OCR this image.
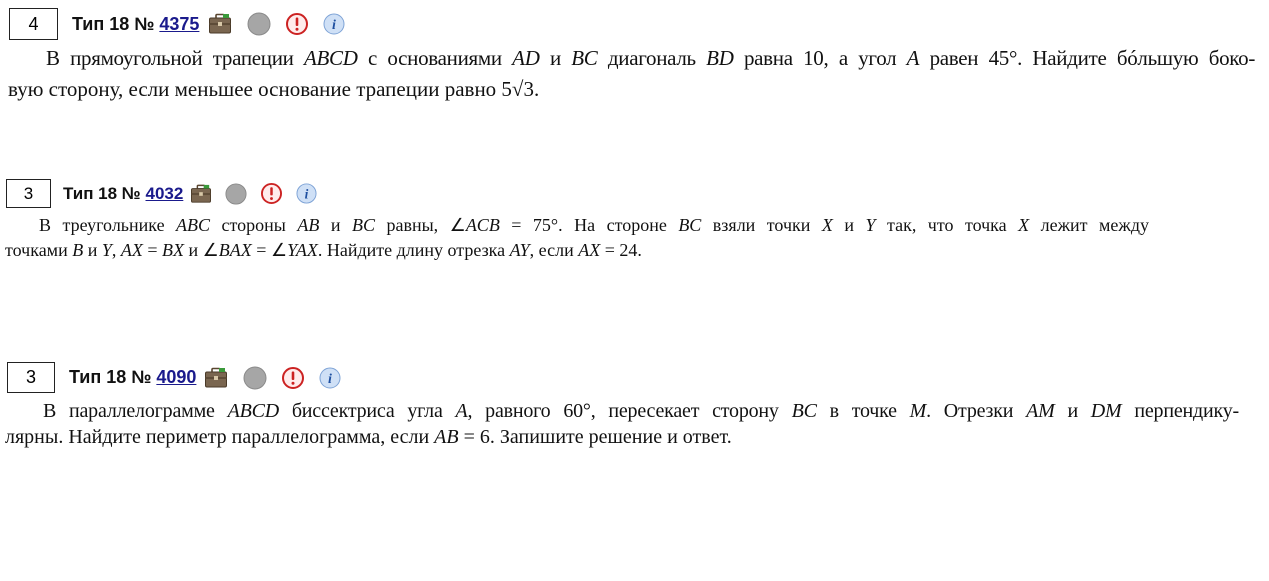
4	Тип 18 № 4375	i
В прямоугольной трапеции ABCD с основаниями AD и BC диагональ BD равна 10, а угол A равен 45°. Найдите бóльшую боко-
вую сторону, если меньшее основание трапеции равно 5√3.
3	Тип 18 № 4032	i
В треугольнике ABC стороны AB и BC равны, ∠ACB = 75°. На стороне BC взяли точки X и Y так, что точка X лежит между
точками B и Y, AX = BX и ∠BAX = ∠YAX. Найдите длину отрезка AY, если AX = 24.
3	Тип 18 № 4090	i
В параллелограмме ABCD биссектриса угла A, равного 60°, пересекает сторону BC в точке M. Отрезки AM и DM перпендику-
лярны. Найдите периметр параллелограмма, если AB = 6. Запишите решение и ответ.
